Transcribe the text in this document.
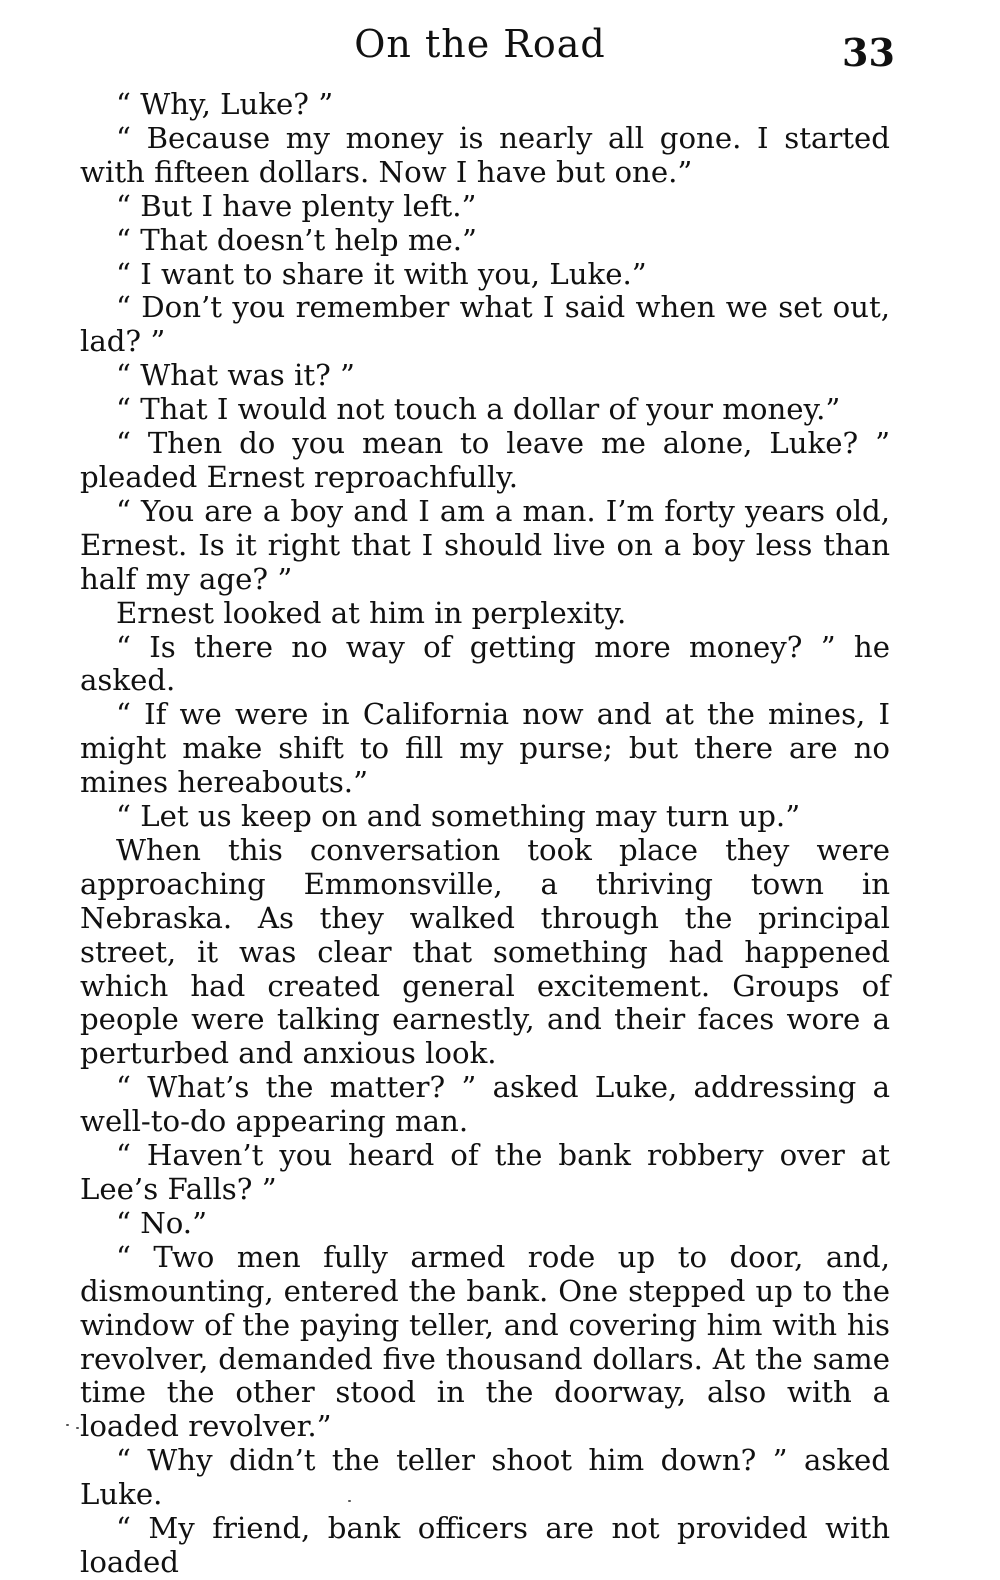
On the Road	33

“ Why, Luke? ”

“ Because my money is nearly all gone. I started with fifteen dollars. Now I have but one.”

“ But I have plenty left.”

“ That doesn’t help me.”

“ I want to share it with you, Luke.”

“ Don’t you remember what I said when we set out, lad? ”

“ What was it? ”

“ That I would not touch a dollar of your money.”

“ Then do you mean to leave me alone, Luke? ” pleaded Ernest reproachfully.

“ You are a boy and I am a man. I’m forty years old, Ernest. Is it right that I should live on a boy less than half my age? ”

Ernest looked at him in perplexity.

“ Is there no way of getting more money? ” he asked.

“ If we were in California now and at the mines, I might make shift to fill my purse; but there are no mines hereabouts.”

“ Let us keep on and something may turn up.”

When this conversation took place they were approaching Emmonsville, a thriving town in Nebraska. As they walked through the principal street, it was clear that something had happened which had created general excitement. Groups of people were talking earnestly, and their faces wore a perturbed and anxious look.

“ What’s the matter? ” asked Luke, addressing a well-to-do appearing man.

“ Haven’t you heard of the bank robbery over at Lee’s Falls? ”

“ No.”

“ Two men fully armed rode up to door, and, dismounting, entered the bank. One stepped up to the window of the paying teller, and covering him with his revolver, demanded five thousand dollars. At the same time the other stood in the doorway, also with a loaded revolver.”

“ Why didn’t the teller shoot him down? ” asked Luke.

“ My friend, bank officers are not provided with loaded
